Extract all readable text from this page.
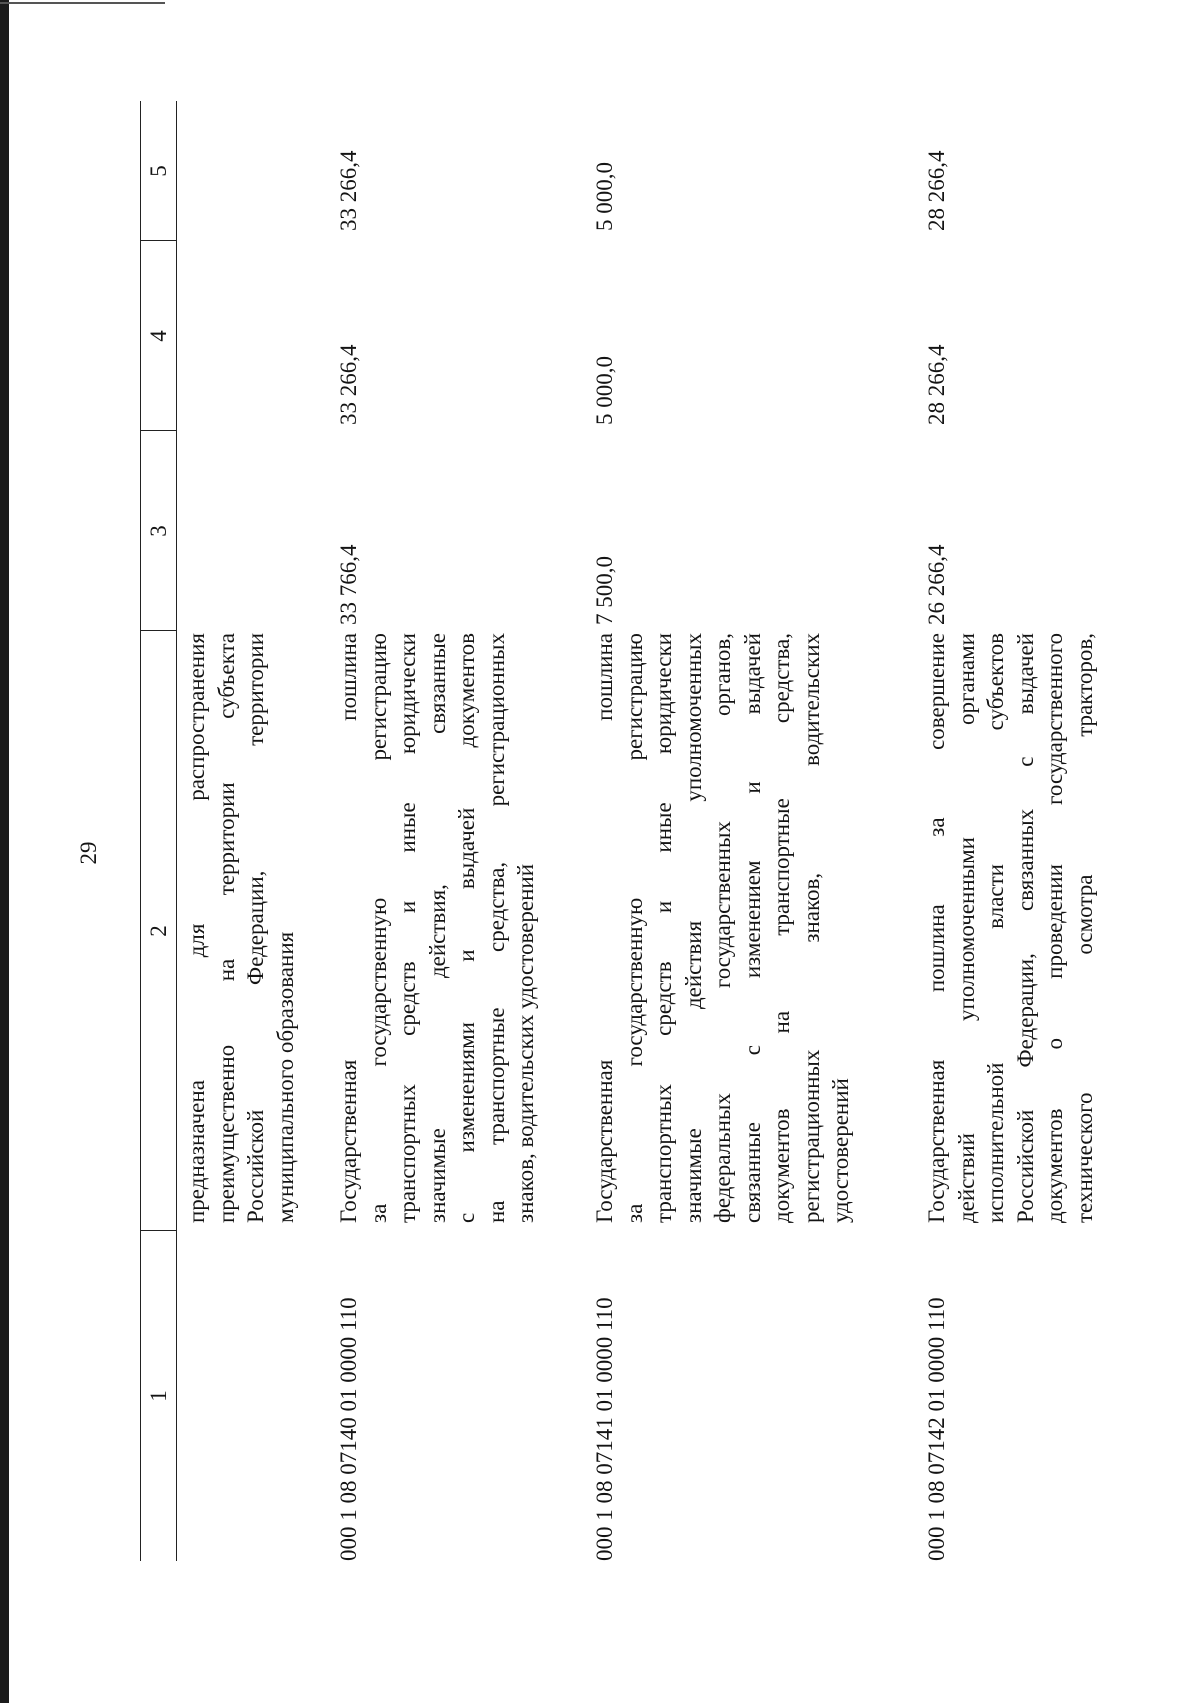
29
1
2
3
4
5
предназначена для распространения преимущественно на территории субъекта Российской Федерации, территории муниципального образования
000 1 08 07140 01 0000 110
Государственная пошлина за государственную регистрацию транспортных средств и иные юридически значимые действия, связанные с изменениями и выдачей документов на транспортные средства, регистрационных знаков, водительских удостоверений
33 766,4
33 266,4
33 266,4
000 1 08 07141 01 0000 110
Государственная пошлина за государственную регистрацию транспортных средств и иные юридически значимые действия уполномоченных федеральных государственных органов, связанные с изменением и выдачей документов на транспортные средства, регистрационных знаков, водительских удостоверений
7 500,0
5 000,0
5 000,0
000 1 08 07142 01 0000 110
Государственная пошлина за совершение действий уполномоченными органами исполнительной власти субъектов Российской Федерации, связанных с выдачей документов о проведении государственного технического осмотра тракторов,
26 266,4
28 266,4
28 266,4
